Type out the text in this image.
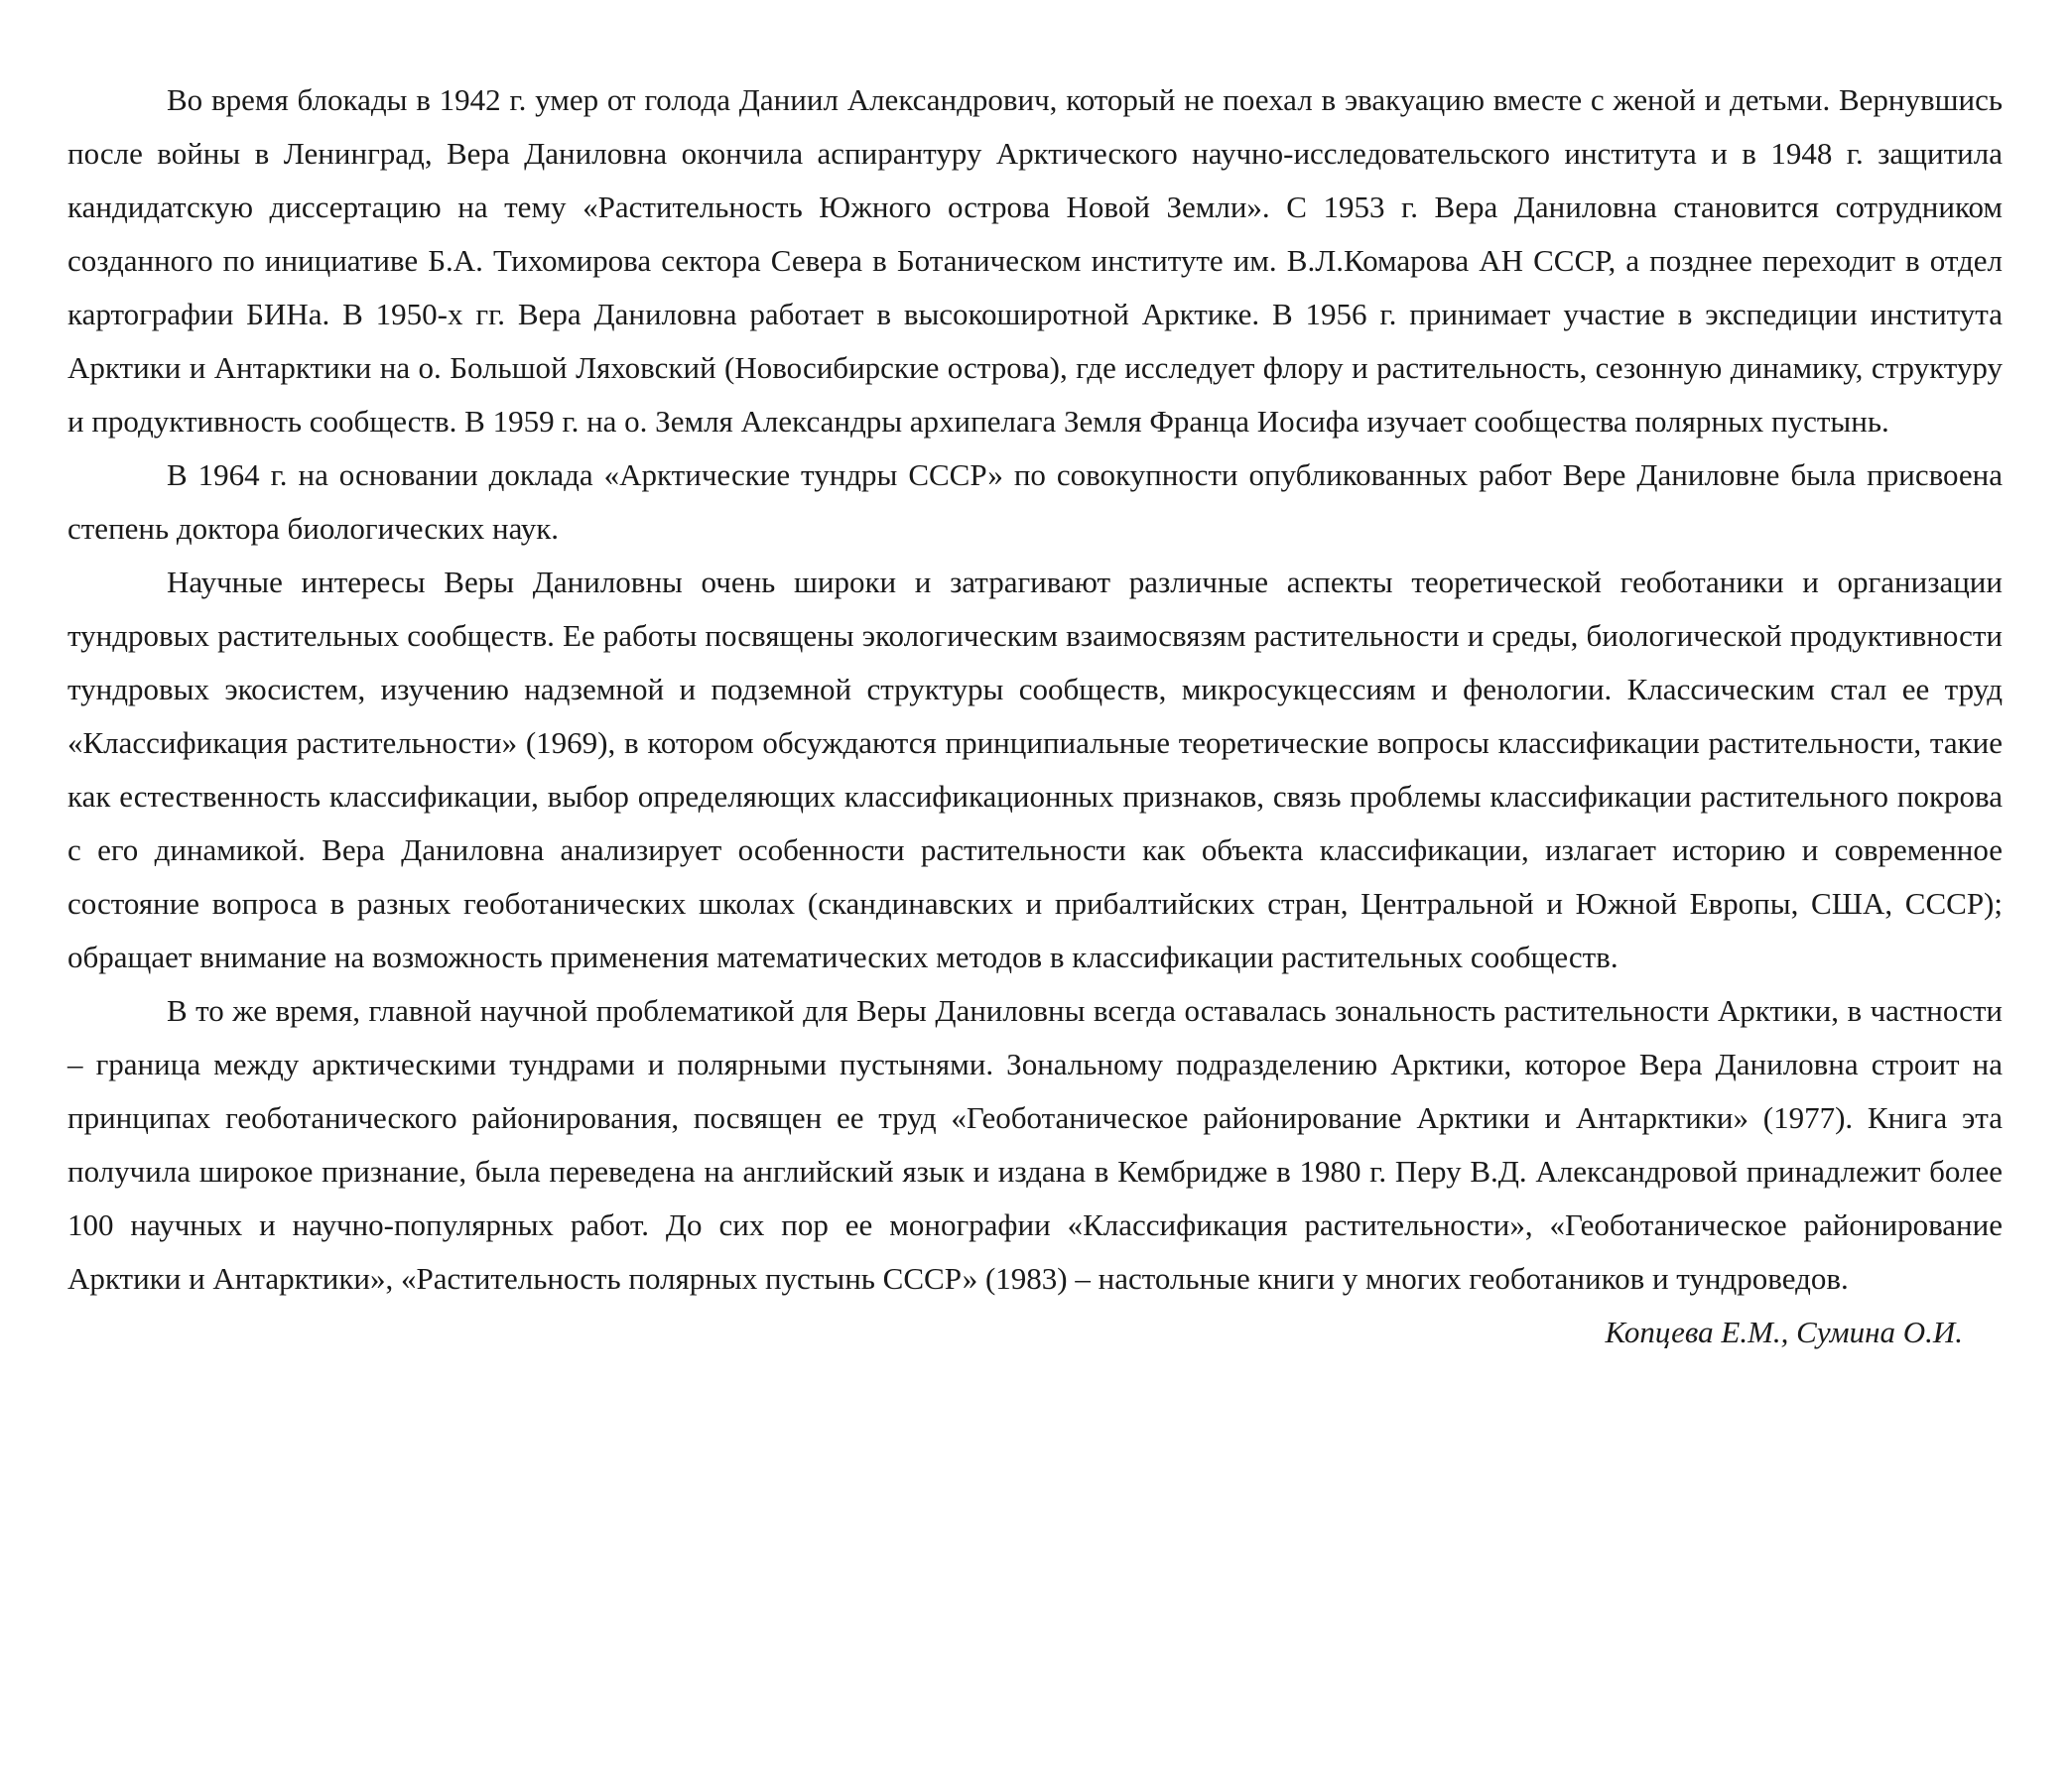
Во время блокады в 1942 г. умер от голода Даниил Александрович, который не поехал в эвакуацию вместе с женой и детьми. Вернувшись после войны в Ленинград, Вера Даниловна окончила аспирантуру Арктического научно-исследовательского института и в 1948 г. защитила кандидатскую диссертацию на тему «Растительность Южного острова Новой Земли». С 1953 г. Вера Даниловна становится сотрудником созданного по инициативе Б.А. Тихомирова сектора Севера в Ботаническом институте им. В.Л.Комарова АН СССР, а позднее переходит в отдел картографии БИНа. В 1950-х гг. Вера Даниловна работает в высокоширотной Арктике. В 1956 г. принимает участие в экспедиции института Арктики и Антарктики на о. Большой Ляховский (Новосибирские острова), где исследует флору и растительность, сезонную динамику, структуру и продуктивность сообществ. В 1959 г. на о. Земля Александры архипелага Земля Франца Иосифа изучает сообщества полярных пустынь.

В 1964 г. на основании доклада «Арктические тундры СССР» по совокупности опубликованных работ Вере Даниловне была присвоена степень доктора биологических наук.

Научные интересы Веры Даниловны очень широки и затрагивают различные аспекты теоретической геоботаники и организации тундровых растительных сообществ. Ее работы посвящены экологическим взаимосвязям растительности и среды, биологической продуктивности тундровых экосистем, изучению надземной и подземной структуры сообществ, микросукцессиям и фенологии. Классическим стал ее труд «Классификация растительности» (1969), в котором обсуждаются принципиальные теоретические вопросы классификации растительности, такие как естественность классификации, выбор определяющих классификационных признаков, связь проблемы классификации растительного покрова с его динамикой. Вера Даниловна анализирует особенности растительности как объекта классификации, излагает историю и современное состояние вопроса в разных геоботанических школах (скандинавских и прибалтийских стран, Центральной и Южной Европы, США, СССР); обращает внимание на возможность применения математических методов в классификации растительных сообществ.

В то же время, главной научной проблематикой для Веры Даниловны всегда оставалась зональность растительности Арктики, в частности – граница между арктическими тундрами и полярными пустынями. Зональному подразделению Арктики, которое Вера Даниловна строит на принципах геоботанического районирования, посвящен ее труд «Геоботаническое районирование Арктики и Антарктики» (1977). Книга эта получила широкое признание, была переведена на английский язык и издана в Кембридже в 1980 г. Перу В.Д. Александровой принадлежит более 100 научных и научно-популярных работ. До сих пор ее монографии «Классификация растительности», «Геоботаническое районирование Арктики и Антарктики», «Растительность полярных пустынь СССР» (1983) – настольные книги у многих геоботаников и тундроведов.

Копцева Е.М., Сумина О.И.
